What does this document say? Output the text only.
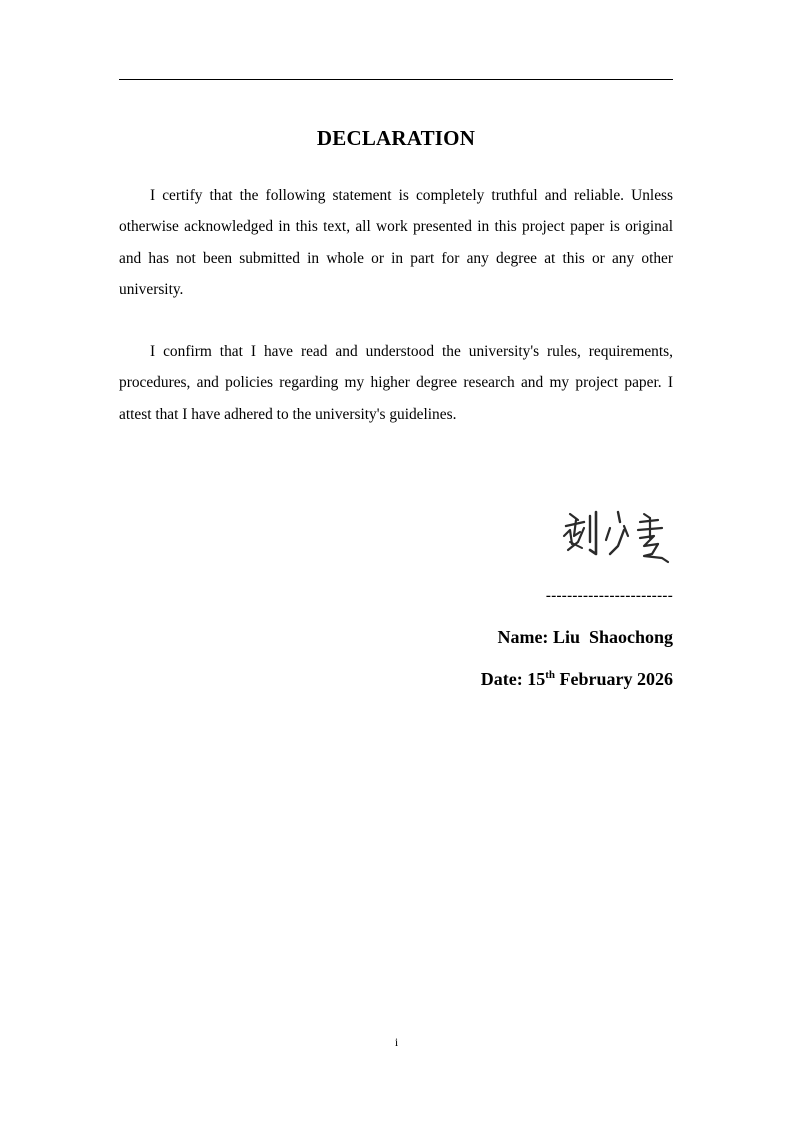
DECLARATION

I certify that the following statement is completely truthful and reliable. Unless otherwise acknowledged in this text, all work presented in this project paper is original and has not been submitted in whole or in part for any degree at this or any other university.

I confirm that I have read and understood the university's rules, requirements, procedures, and policies regarding my higher degree research and my project paper. I attest that I have adhered to the university's guidelines.

------------------------
Name: Liu  Shaochong
Date: 15th February 2026
i
